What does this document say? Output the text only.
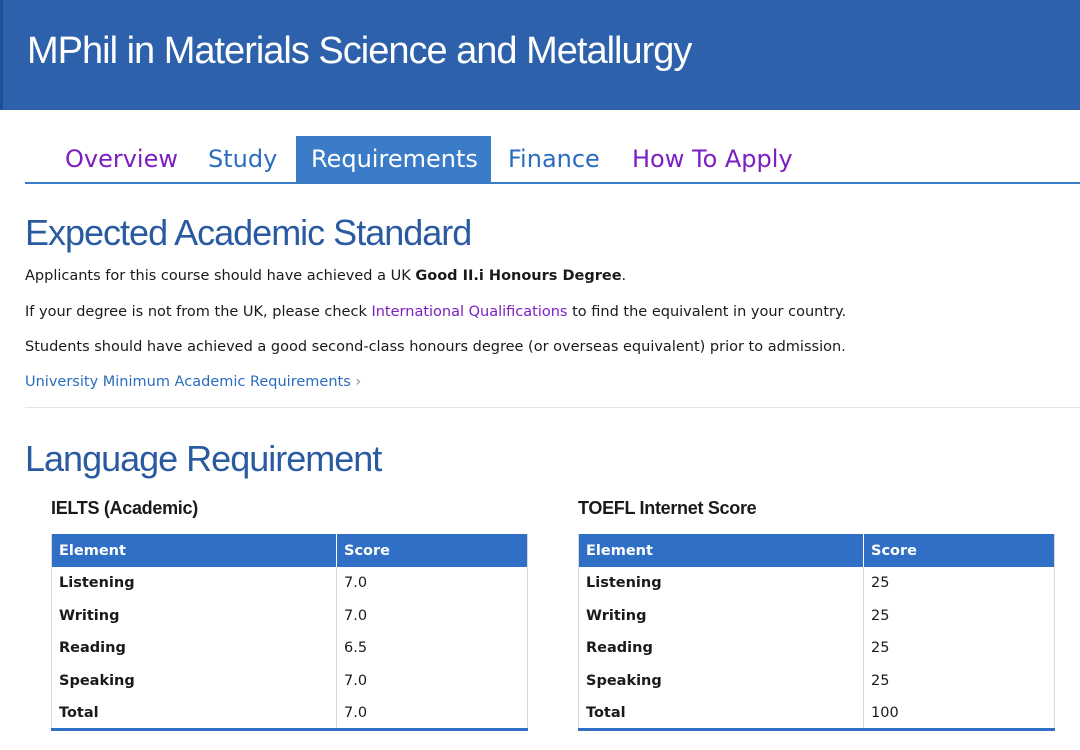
MPhil in Materials Science and Metallurgy
Overview Study	Requirements	Finance How To Apply
Expected Academic Standard

Applicants for this course should have achieved a UK Good II.i Honours Degree.

If your degree is not from the UK, please check International Qualifications to find the equivalent in your country.

Students should have achieved a good second-class honours degree (or overseas equivalent) prior to admission.

University Minimum Academic Requirements ›

Language Requirement
IELTS (Academic)	TOEFL Internet Score
Element	Score
Listening	7.0
Writing	7.0
Reading	6.5
Speaking	7.0
Total	7.0
Element	Score
Listening	25
Writing	25
Reading	25
Speaking	25
Total	100
